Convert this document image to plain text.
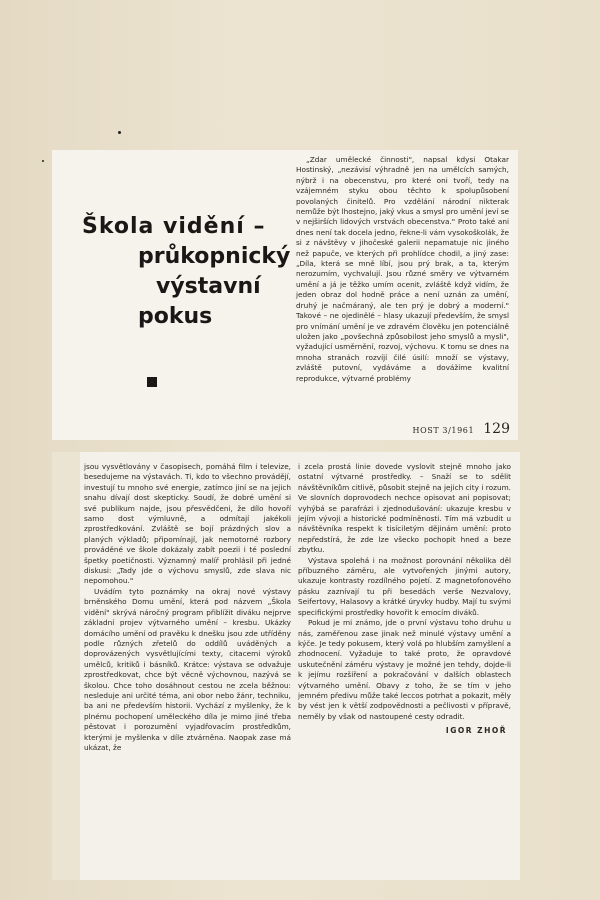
Škola vidění –
průkopnický
výstavní
pokus

„Zdar umělecké činnosti", napsal kdysi Otakar Hostinský, „nezávisí výhradně jen na umělcích samých, nýbrž i na obecenstvu, pro které oni tvoří, tedy na vzájemném styku obou těchto k spolupůsobení povolaných činitelů. Pro vzdělání národní nikterak nemůže být lhostejno, jaký vkus a smysl pro umění jeví se v nejširších lidových vrstvách obecenstva." Proto také ani dnes není tak docela jedno, řekne-li vám vysokoškolák, že si z návštěvy v jihočeské galerii nepamatuje nic jiného než papuče, ve kterých při prohlídce chodil, a jiný zase: „Díla, která se mně líbí, jsou prý brak, a ta, kterým nerozumím, vychvalují. Jsou různé směry ve výtvarném umění a já je těžko umím ocenit, zvláště když vidím, že jeden obraz dol hodně práce a není uznán za umění, druhý je načmáraný, ale ten prý je dobrý a moderní." Takové – ne ojedinělé – hlasy ukazují především, že smysl pro vnímání umění je ve zdravém člověku jen potenciálně uložen jako „povšechná způsobilost jeho smyslů a mysli", vyžadující usměrnění, rozvoj, výchovu. K tomu se dnes na mnoha stranách rozvíjí čilé úsilí: množí se výstavy, zvláště putovní, vydáváme a dovážíme kvalitní reprodukce, výtvarné problémy

HOST 3/1961 129

jsou vysvětlovány v časopisech, pomáhá film i televize, besedujeme na výstavách. Ti, kdo to všechno provádějí, investují tu mnoho své energie, zatímco jiní se na jejich snahu dívají dost skepticky. Soudí, že dobré umění si své publikum najde, jsou přesvědčeni, že dílo hovoří samo dost výmluvně, a odmítají jakékoli zprostředkování. Zvláště se bojí prázdných slov a planých výkladů; připomínají, jak nemotorné rozbory prováděné ve škole dokázaly zabít poezii i té poslední špetky poetičnosti. Významný malíř prohlásil při jedné diskusi: „Tady jde o výchovu smyslů, zde slava nic nepomohou."

Uvádím tyto poznámky na okraj nové výstavy brněnského Domu umění, která pod názvem „Škola vidění" skrývá náročný program přiblížit diváku nejprve základní projev výtvarného umění – kresbu. Ukázky domácího umění od pravěku k dnešku jsou zde utříděny podle různých zřetelů do oddílů uváděných a doprovázených vysvětlujícími texty, citacemi výroků umělců, kritiků i básníků. Krátce: výstava se odvažuje zprostředkovat, chce být věcně výchovnou, nazývá se školou. Chce toho dosáhnout cestou ne zcela běžnou: nesleduje ani určité téma, ani obor nebo žánr, techniku, ba ani ne především historii. Vychází z myšlenky, že k plnému pochopení uměleckého díla je mimo jiné třeba pěstovat i porozumění vyjadřovacím prostředkům, kterými je myšlenka v díle ztvárněna. Naopak zase má ukázat, že

i zcela prostá linie dovede vyslovit stejně mnoho jako ostatní výtvarné prostředky. – Snaží se to sdělit návštěvníkům citlivě, působit stejně na jejich city i rozum. Ve slovních doprovodech nechce opisovat ani popisovat; vyhýbá se parafrázi i zjednodušování: ukazuje kresbu v jejím vývoji a historické podmíněnosti. Tím má vzbudit u návštěvníka respekt k tisíciletým dějinám umění: proto nepředstírá, že zde lze všecko pochopit hned a beze zbytku.

Výstava spolehá i na možnost porovnání několika děl příbuzného záměru, ale vytvořených jinými autory, ukazuje kontrasty rozdílného pojetí. Z magnetofonového pásku zaznívají tu při besedách verše Nezvalovy, Seifertovy, Halasovy a krátké úryvky hudby. Mají tu svými specifickými prostředky hovořit k emocím diváků.

Pokud je mi známo, jde o první výstavu toho druhu u nás, zaměřenou zase jinak než minulé výstavy umění a kýče. Je tedy pokusem, který volá po hlubším zamyšlení a zhodnocení. Vyžaduje to také proto, že opravdové uskutečnění záměru výstavy je možné jen tehdy, dojde-li k jejímu rozšíření a pokračování v dalších oblastech výtvarného umění. Obavy z toho, že se tím v jeho jemném předivu může také leccos potrhat a pokazit, měly by vést jen k větší zodpovědnosti a pečlivosti v přípravě, neměly by však od nastoupené cesty odradit.

IGOR ZHOŘ
